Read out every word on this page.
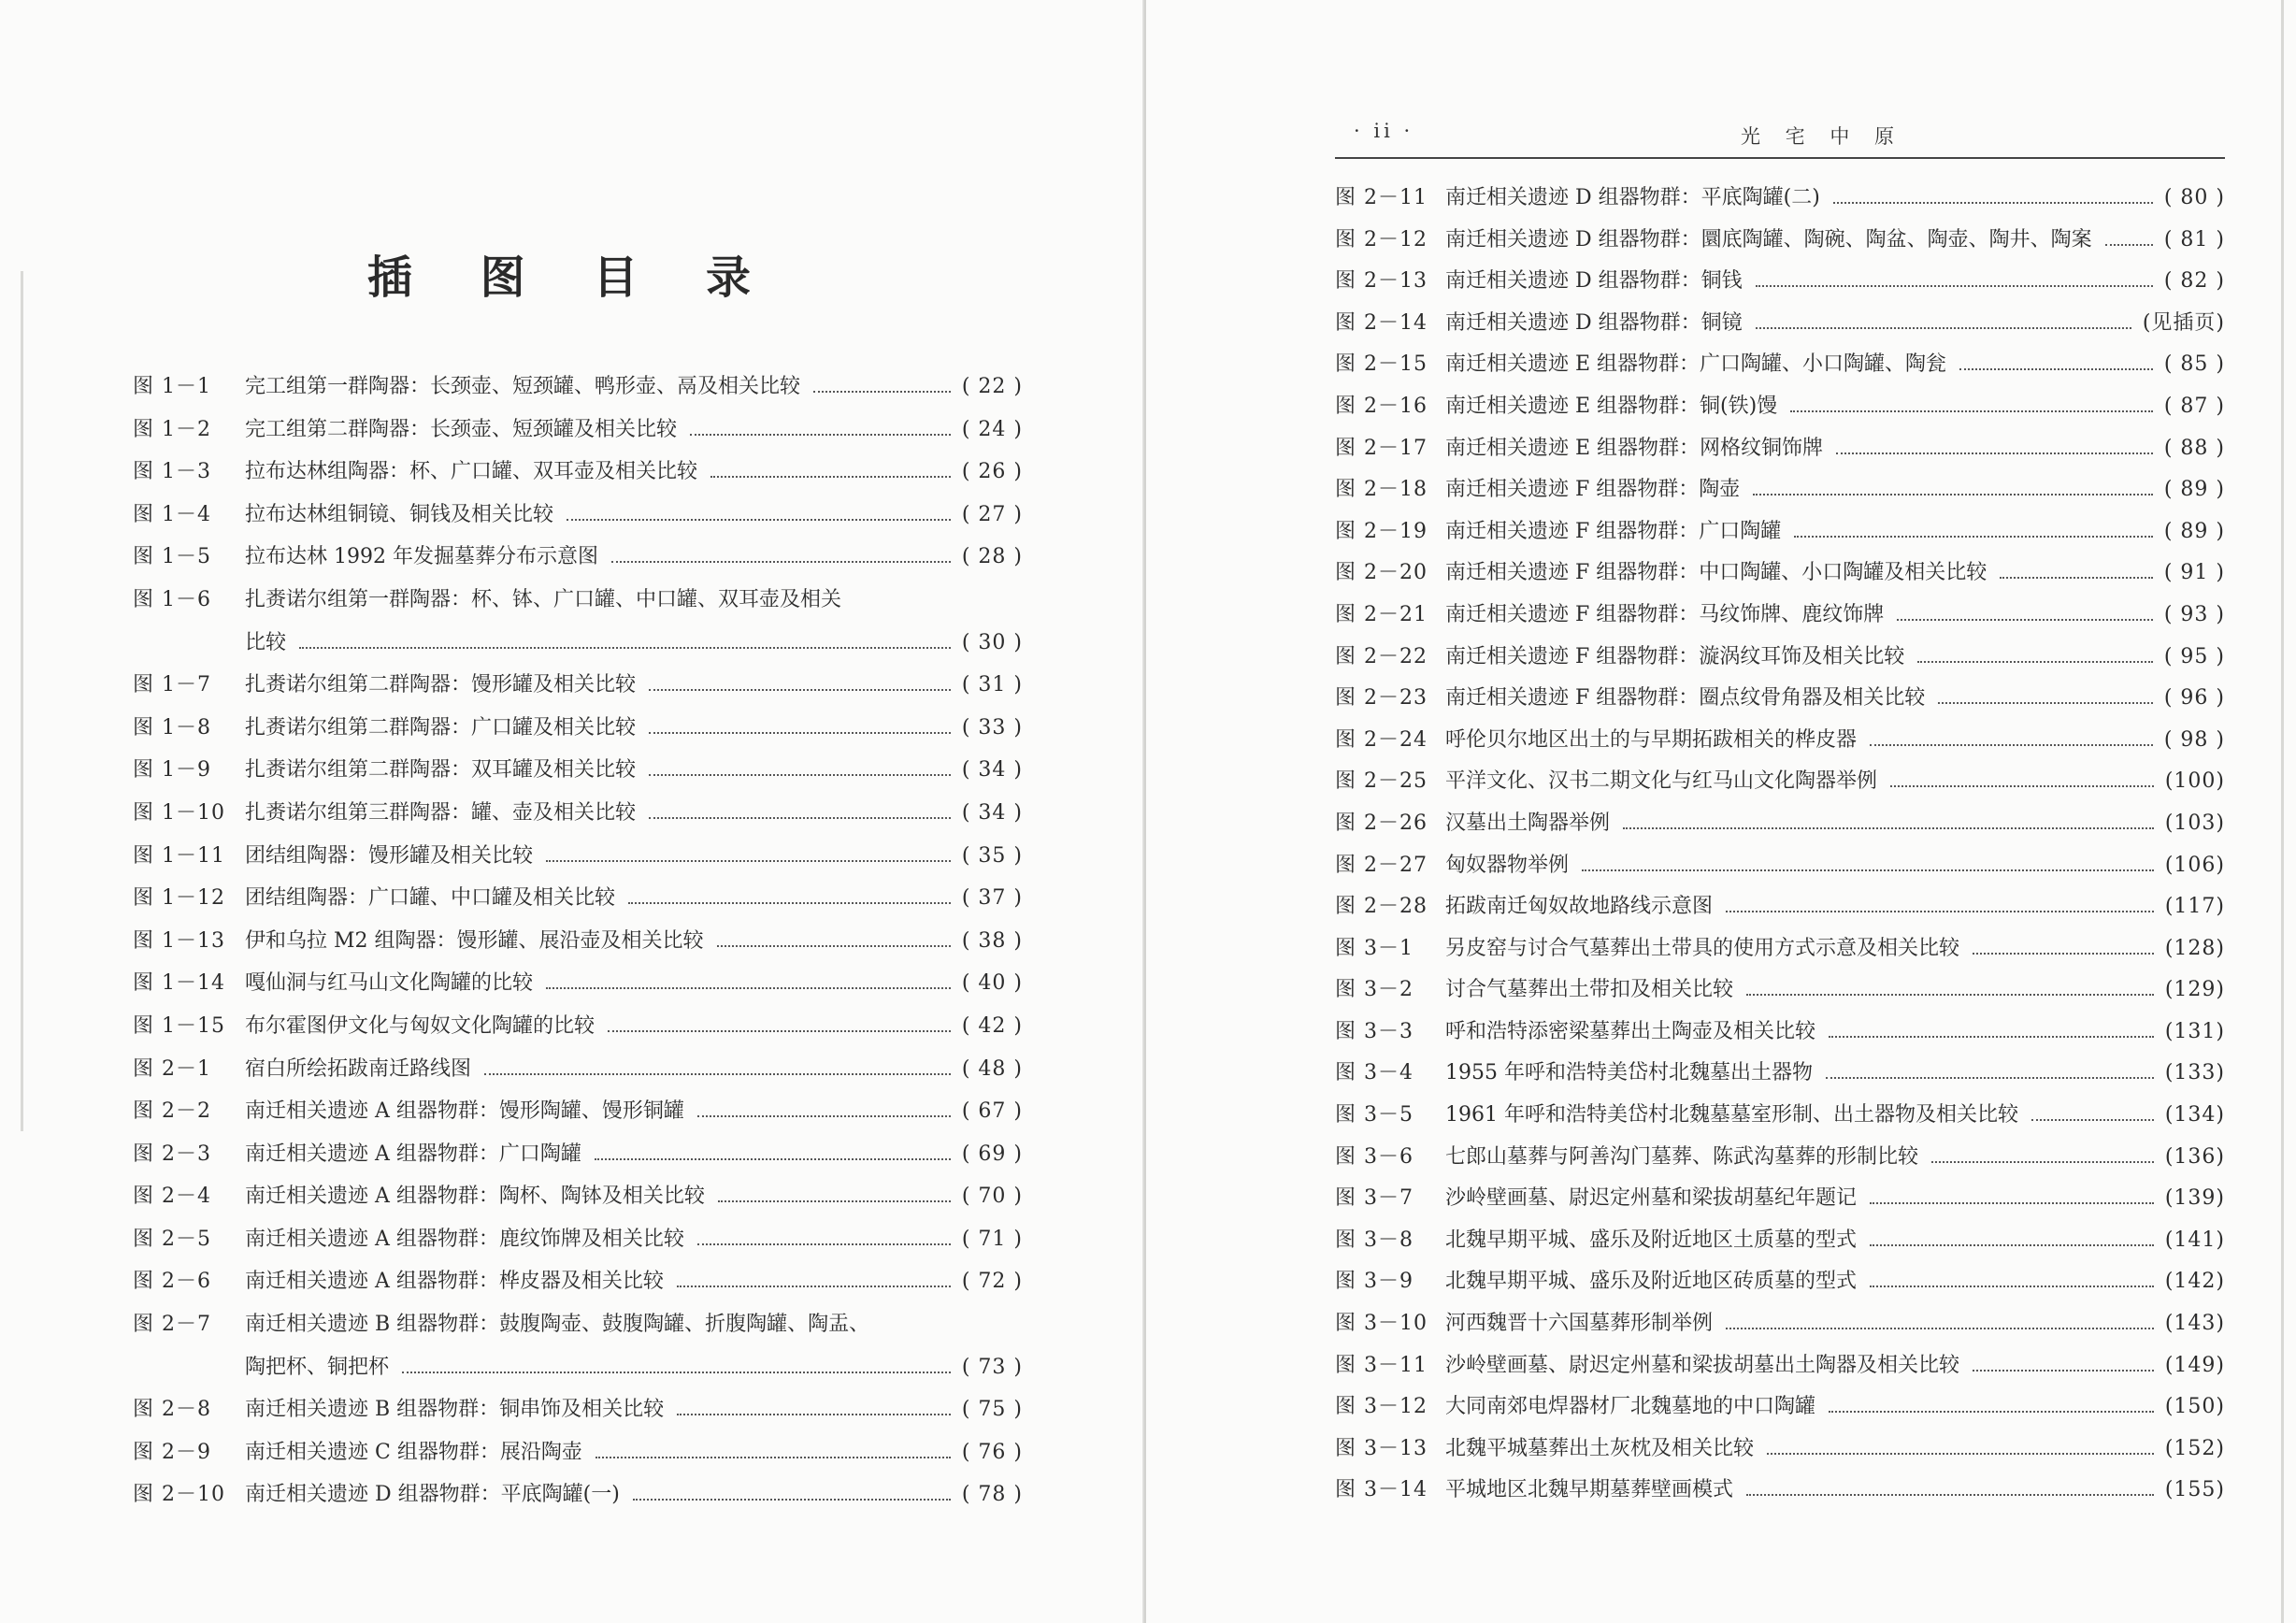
插 图 目 录
图 1－1 完工组第一群陶器：长颈壶、短颈罐、鸭形壶、鬲及相关比较	( 22 )
图 1－2 完工组第二群陶器：长颈壶、短颈罐及相关比较	( 24 )
图 1－3 拉布达林组陶器：杯、广口罐、双耳壶及相关比较	( 26 )
图 1－4 拉布达林组铜镜、铜钱及相关比较	( 27 )
图 1－5 拉布达林 1992 年发掘墓葬分布示意图	( 28 )
图 1－6 扎赉诺尔组第一群陶器：杯、钵、广口罐、中口罐、双耳壶及相关
比较	( 30 )
图 1－7 扎赉诺尔组第二群陶器：馒形罐及相关比较	( 31 )
图 1－8 扎赉诺尔组第二群陶器：广口罐及相关比较	( 33 )
图 1－9 扎赉诺尔组第二群陶器：双耳罐及相关比较	( 34 )
图 1－10 扎赉诺尔组第三群陶器：罐、壶及相关比较	( 34 )
图 1－11 团结组陶器：馒形罐及相关比较	( 35 )
图 1－12 团结组陶器：广口罐、中口罐及相关比较	( 37 )
图 1－13 伊和乌拉 M2 组陶器：馒形罐、展沿壶及相关比较	( 38 )
图 1－14 嘎仙洞与红马山文化陶罐的比较	( 40 )
图 1－15 布尔霍图伊文化与匈奴文化陶罐的比较	( 42 )
图 2－1 宿白所绘拓跋南迁路线图	( 48 )
图 2－2 南迁相关遗迹 A 组器物群：馒形陶罐、馒形铜罐	( 67 )
图 2－3 南迁相关遗迹 A 组器物群：广口陶罐	( 69 )
图 2－4 南迁相关遗迹 A 组器物群：陶杯、陶钵及相关比较	( 70 )
图 2－5 南迁相关遗迹 A 组器物群：鹿纹饰牌及相关比较	( 71 )
图 2－6 南迁相关遗迹 A 组器物群：桦皮器及相关比较	( 72 )
图 2－7 南迁相关遗迹 B 组器物群：鼓腹陶壶、鼓腹陶罐、折腹陶罐、陶盂、
陶把杯、铜把杯	( 73 )
图 2－8 南迁相关遗迹 B 组器物群：铜串饰及相关比较	( 75 )
图 2－9 南迁相关遗迹 C 组器物群：展沿陶壶	( 76 )
图 2－10 南迁相关遗迹 D 组器物群：平底陶罐(一)	( 78 )
· ii ·	光 宅 中 原
图 2－11 南迁相关遗迹 D 组器物群：平底陶罐(二)	( 80 )
图 2－12 南迁相关遗迹 D 组器物群：圜底陶罐、陶碗、陶盆、陶壶、陶井、陶案	( 81 )
图 2－13 南迁相关遗迹 D 组器物群：铜钱	( 82 )
图 2－14 南迁相关遗迹 D 组器物群：铜镜	(见插页)
图 2－15 南迁相关遗迹 E 组器物群：广口陶罐、小口陶罐、陶瓮	( 85 )
图 2－16 南迁相关遗迹 E 组器物群：铜(铁)馒	( 87 )
图 2－17 南迁相关遗迹 E 组器物群：网格纹铜饰牌	( 88 )
图 2－18 南迁相关遗迹 F 组器物群：陶壶	( 89 )
图 2－19 南迁相关遗迹 F 组器物群：广口陶罐	( 89 )
图 2－20 南迁相关遗迹 F 组器物群：中口陶罐、小口陶罐及相关比较	( 91 )
图 2－21 南迁相关遗迹 F 组器物群：马纹饰牌、鹿纹饰牌	( 93 )
图 2－22 南迁相关遗迹 F 组器物群：漩涡纹耳饰及相关比较	( 95 )
图 2－23 南迁相关遗迹 F 组器物群：圈点纹骨角器及相关比较	( 96 )
图 2－24 呼伦贝尔地区出土的与早期拓跋相关的桦皮器	( 98 )
图 2－25 平洋文化、汉书二期文化与红马山文化陶器举例	(100)
图 2－26 汉墓出土陶器举例	(103)
图 2－27 匈奴器物举例	(106)
图 2－28 拓跋南迁匈奴故地路线示意图	(117)
图 3－1 另皮窑与讨合气墓葬出土带具的使用方式示意及相关比较	(128)
图 3－2 讨合气墓葬出土带扣及相关比较	(129)
图 3－3 呼和浩特添密梁墓葬出土陶壶及相关比较	(131)
图 3－4 1955 年呼和浩特美岱村北魏墓出土器物	(133)
图 3－5 1961 年呼和浩特美岱村北魏墓墓室形制、出土器物及相关比较	(134)
图 3－6 七郎山墓葬与阿善沟门墓葬、陈武沟墓葬的形制比较	(136)
图 3－7 沙岭壁画墓、尉迟定州墓和梁拔胡墓纪年题记	(139)
图 3－8 北魏早期平城、盛乐及附近地区土质墓的型式	(141)
图 3－9 北魏早期平城、盛乐及附近地区砖质墓的型式	(142)
图 3－10 河西魏晋十六国墓葬形制举例	(143)
图 3－11 沙岭壁画墓、尉迟定州墓和梁拔胡墓出土陶器及相关比较	(149)
图 3－12 大同南郊电焊器材厂北魏墓地的中口陶罐	(150)
图 3－13 北魏平城墓葬出土灰枕及相关比较	(152)
图 3－14 平城地区北魏早期墓葬壁画模式	(155)
